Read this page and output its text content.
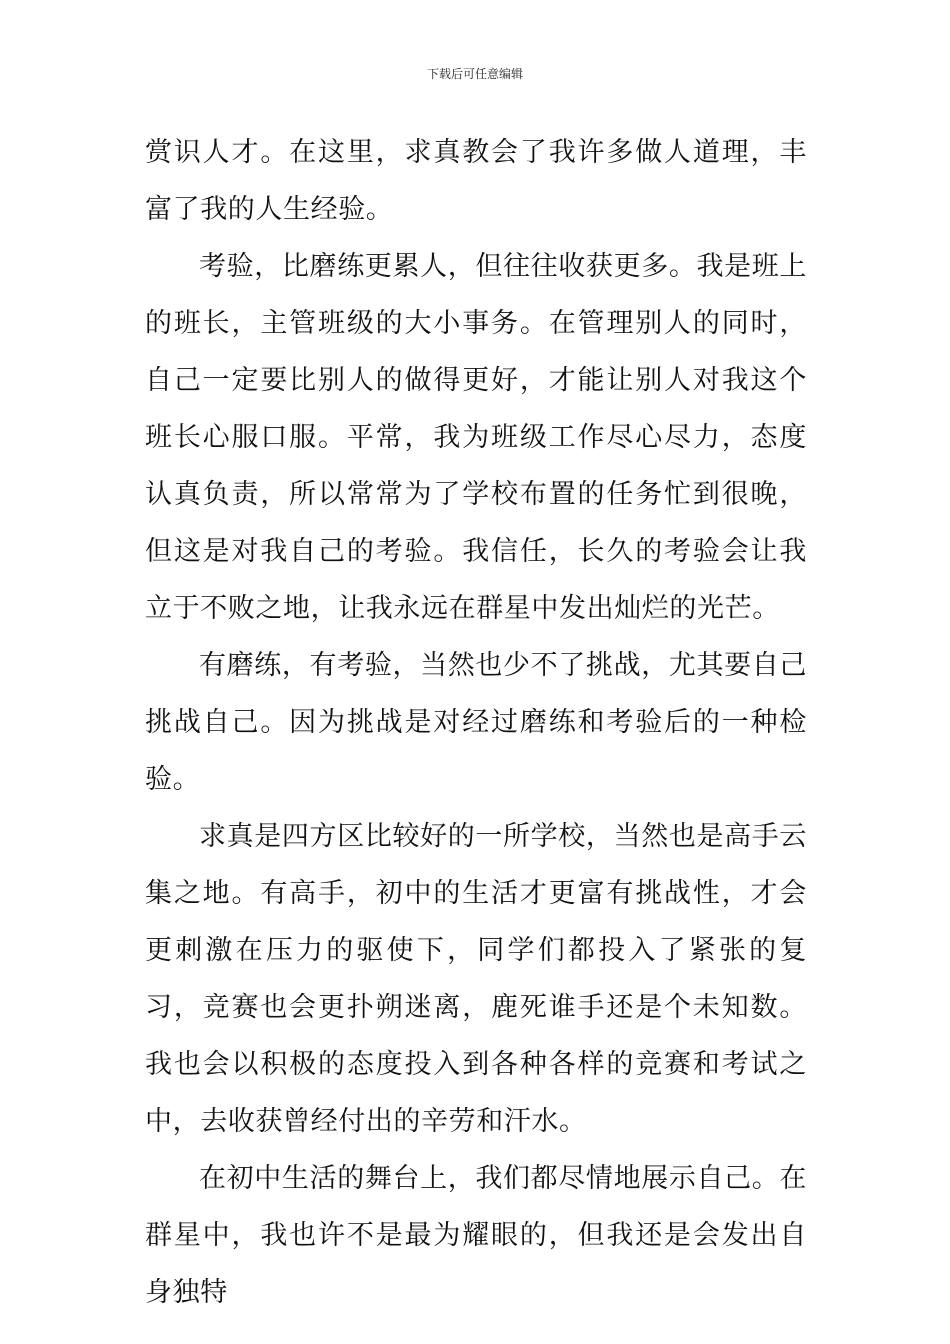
下载后可任意编辑

赏识人才。在这里，求真教会了我许多做人道理，丰富了我的人生经验。

考验，比磨练更累人，但往往收获更多。我是班上的班长，主管班级的大小事务。在管理别人的同时，自己一定要比别人的做得更好，才能让别人对我这个班长心服口服。平常，我为班级工作尽心尽力，态度认真负责，所以常常为了学校布置的任务忙到很晚，但这是对我自己的考验。我信任，长久的考验会让我立于不败之地，让我永远在群星中发出灿烂的光芒。

有磨练，有考验，当然也少不了挑战，尤其要自己挑战自己。因为挑战是对经过磨练和考验后的一种检验。

求真是四方区比较好的一所学校，当然也是高手云集之地。有高手，初中的生活才更富有挑战性，才会更刺激在压力的驱使下，同学们都投入了紧张的复习，竞赛也会更扑朔迷离，鹿死谁手还是个未知数。我也会以积极的态度投入到各种各样的竞赛和考试之中，去收获曾经付出的辛劳和汗水。

在初中生活的舞台上，我们都尽情地展示自己。在群星中，我也许不是最为耀眼的，但我还是会发出自身独特
